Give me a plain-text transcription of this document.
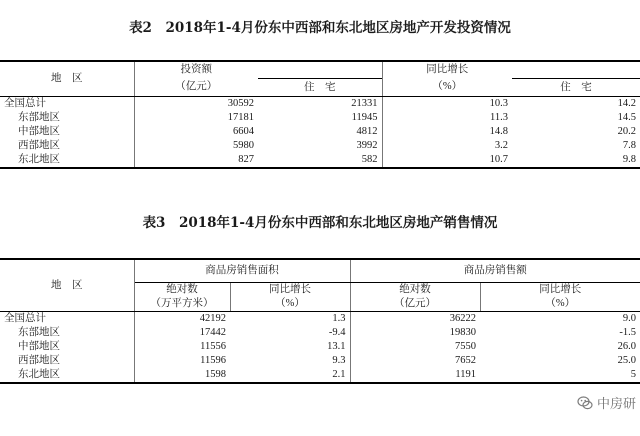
表2　2018年1-4月份东中西部和东北地区房地产开发投资情况
地　区	投资额		同比增长	
	（亿元）	住　宅	（%）	住　宅
全国总计	30592	21331	10.3	14.2
东部地区	17181	11945	11.3	14.5
中部地区	6604	4812	14.8	20.2
西部地区	5980	3992	3.2	7.8
东北地区	827	582	10.7	9.8
表3　2018年1-4月份东中西部和东北地区房地产销售情况
地　区	商品房销售面积		商品房销售额	
	绝对数	同比增长	绝对数	同比增长
	（万平方米）	（%）	（亿元）	（%）
全国总计	42192	1.3	36222	9.0
东部地区	17442	-9.4	19830	-1.5
中部地区	11556	13.1	7550	26.0
西部地区	11596	9.3	7652	25.0
东北地区	1598	2.1	1191	5
中房研
